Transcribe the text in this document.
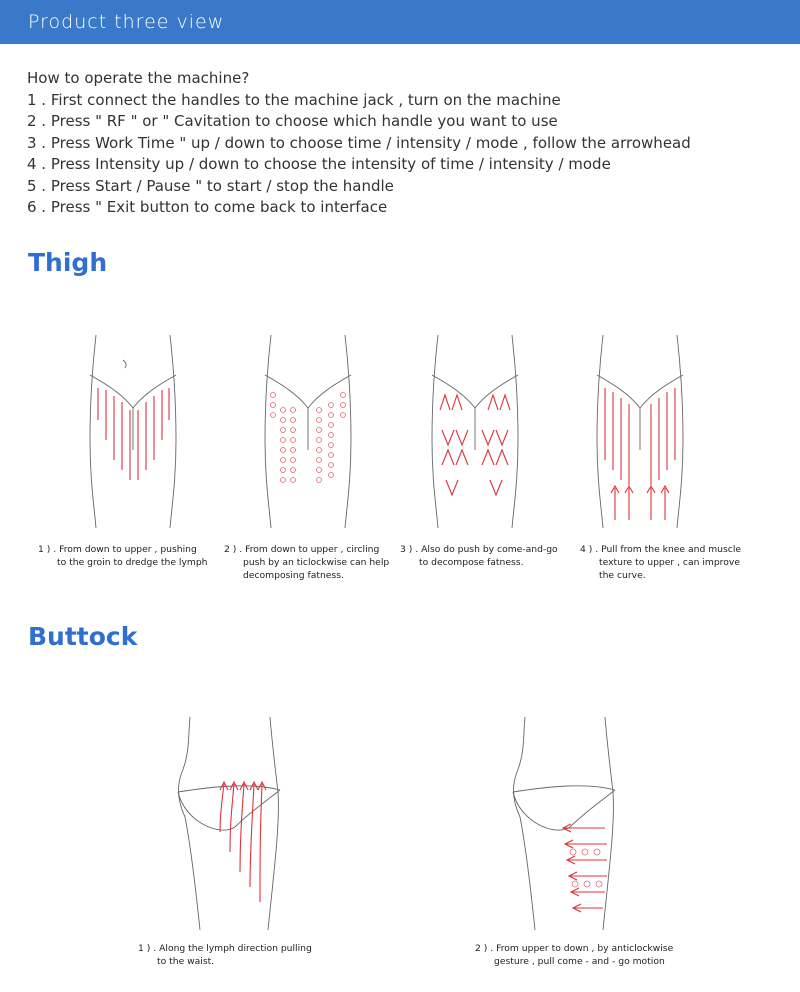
Product three view
How to operate the machine?
1 . First connect the handles to the machine jack , turn on the machine
2 . Press " RF " or " Cavitation to choose which handle you want to use
3 . Press Work Time " up / down to choose time / intensity / mode , follow the arrowhead
4 . Press Intensity up / down to choose the intensity of time / intensity / mode
5 . Press Start / Pause " to start / stop the handle
6 . Press " Exit button to come back to interface
Thigh
1 ) . From down to upper , pushing
to the groin to dredge the lymph
2 ) . From down to upper , circling
push by an ticlockwise can help
decomposing fatness.
3 ) . Also do push by come-and-go
to decompose fatness.
4 ) . Pull from the knee and muscle
texture to upper , can improve
the curve.
Buttock
1 ) . Along the lymph direction pulling
to the waist.
2 ) . From upper to down , by anticlockwise
gesture , pull come - and - go motion
